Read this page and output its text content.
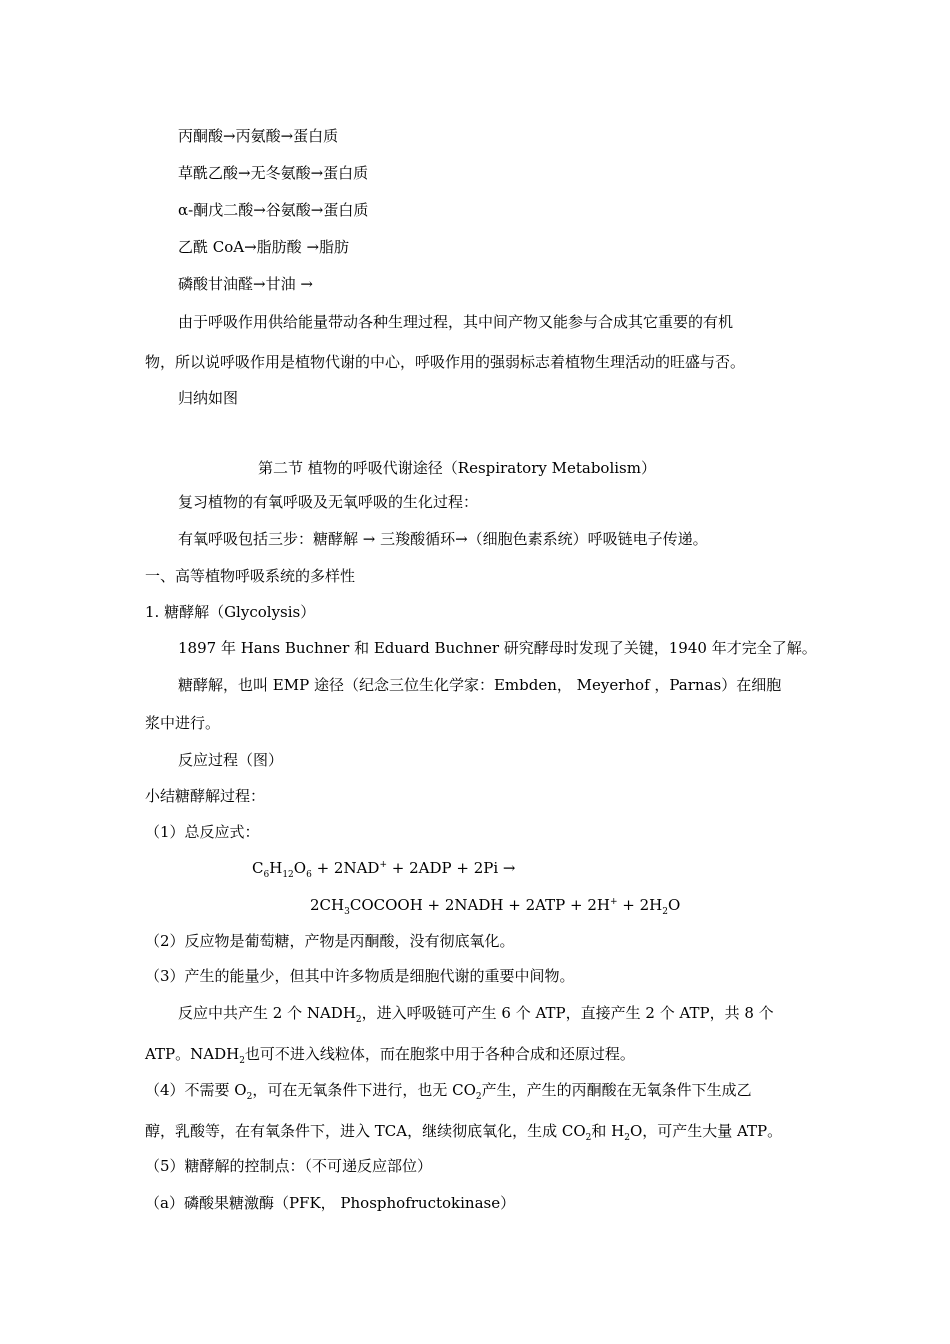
丙酮酸→丙氨酸→蛋白质
草酰乙酸→无冬氨酸→蛋白质
α-酮戊二酸→谷氨酸→蛋白质
乙酰 CoA→脂肪酸 →脂肪
磷酸甘油醛→甘油 →
由于呼吸作用供给能量带动各种生理过程，其中间产物又能参与合成其它重要的有机
物，所以说呼吸作用是植物代谢的中心，呼吸作用的强弱标志着植物生理活动的旺盛与否。
归纳如图
第二节 植物的呼吸代谢途径（Respiratory Metabolism）
复习植物的有氧呼吸及无氧呼吸的生化过程：
有氧呼吸包括三步：糖酵解 → 三羧酸循环→（细胞色素系统）呼吸链电子传递。
一、高等植物呼吸系统的多样性
1. 糖酵解（Glycolysis）
1897 年 Hans Buchner 和 Eduard Buchner 研究酵母时发现了关键，1940 年才完全了解。
糖酵解，也叫 EMP 途径（纪念三位生化学家：Embden， Meyerhof ，Parnas）在细胞
浆中进行。
反应过程（图）
小结糖酵解过程：
（1）总反应式：
$C_6H_{12}O_6 + 2NAD^+ + 2ADP + 2Pi$ →
$2CH_3COCOOH$ + 2NADH + $2ATP + 2H^+ + 2H_2O$
（2）反应物是葡萄糖，产物是丙酮酸，没有彻底氧化。
（3）产生的能量少，但其中许多物质是细胞代谢的重要中间物。
反应中共产生 2 个 $NADH_2$，进入呼吸链可产生 6 个 ATP，直接产生 2 个 ATP，共 8 个
ATP。$NADH_2$也可不进入线粒体，而在胞浆中用于各种合成和还原过程。
（4）不需要 $O_2$，可在无氧条件下进行，也无 $CO_2$产生，产生的丙酮酸在无氧条件下生成乙
醇，乳酸等，在有氧条件下，进入 TCA，继续彻底氧化，生成 $CO_2$和 $H_2O$，可产生大量 ATP。
（5）糖酵解的控制点：（不可递反应部位）
（a）磷酸果糖激酶（PFK， Phosphofructokinase）
